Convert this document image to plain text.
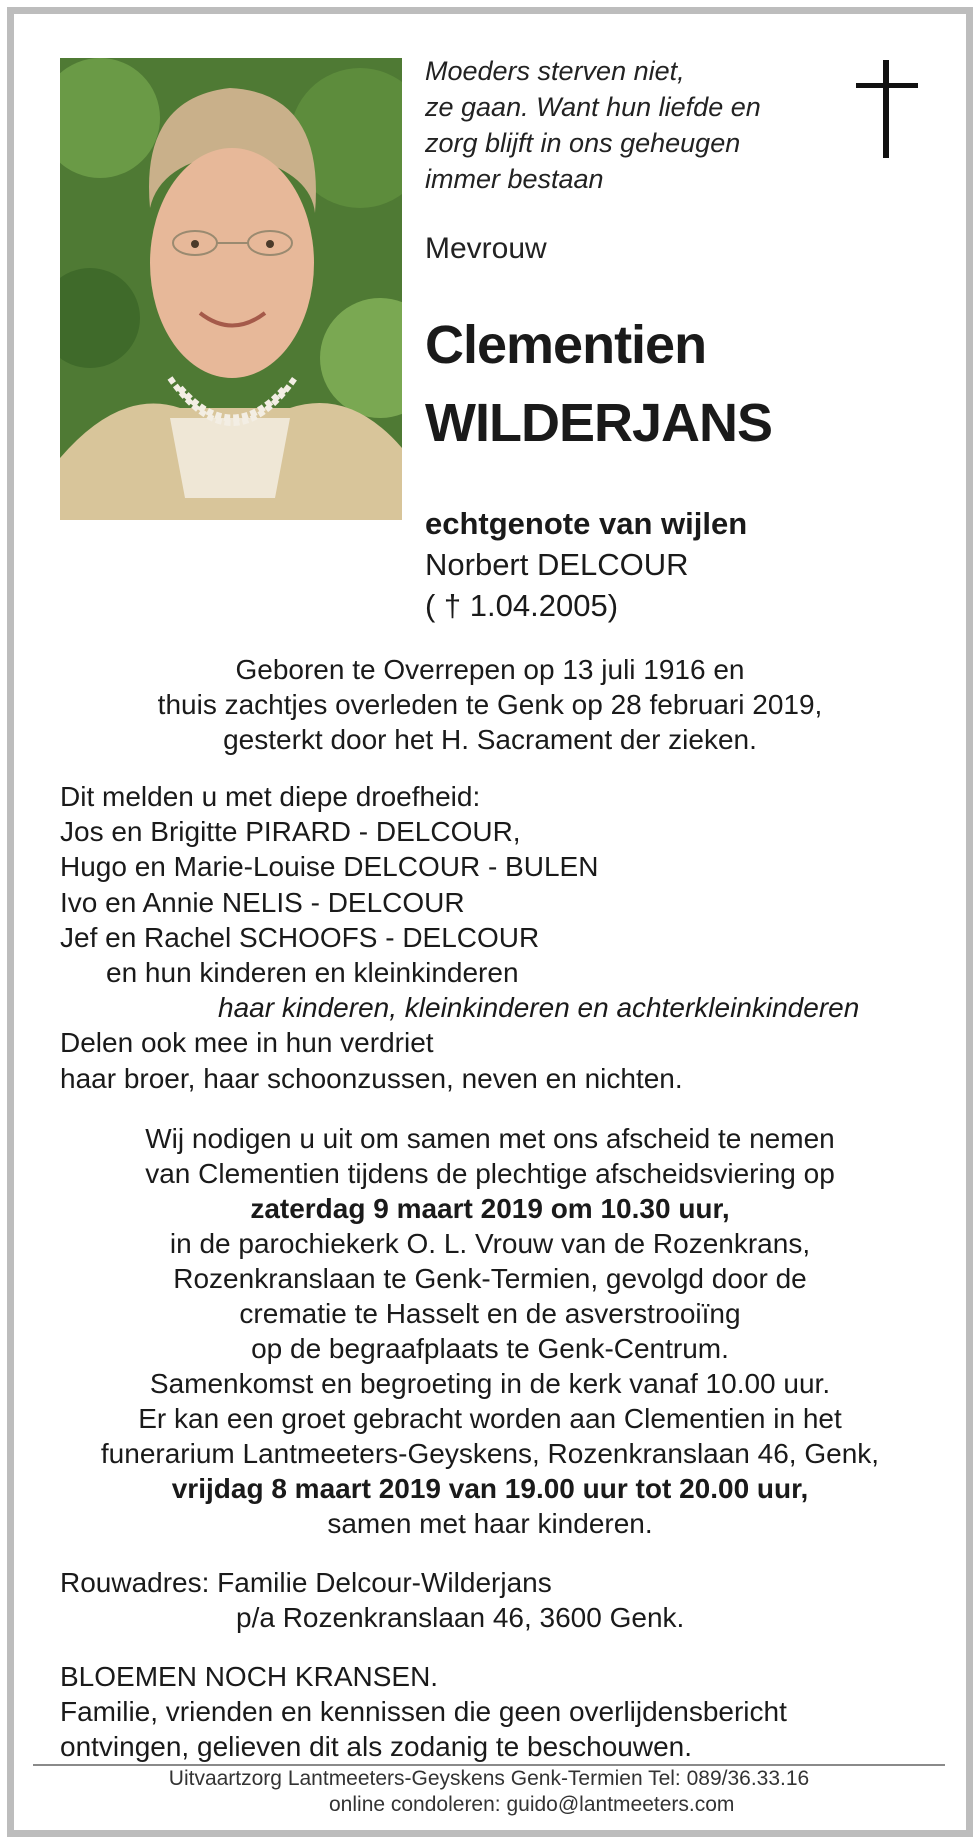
Moeders sterven niet,
ze gaan. Want hun liefde en
zorg blijft in ons geheugen
immer bestaan
Mevrouw
Clementien
WILDERJANS
echtgenote van wijlen
Norbert DELCOUR
( † 1.04.2005)
Geboren te Overrepen op 13 juli 1916 en
thuis zachtjes overleden te Genk op 28 februari 2019,
gesterkt door het H. Sacrament der zieken.
Dit melden u met diepe droefheid:
Jos en Brigitte PIRARD - DELCOUR,
Hugo en Marie-Louise DELCOUR - BULEN
Ivo en Annie NELIS - DELCOUR
Jef en Rachel SCHOOFS - DELCOUR
en hun kinderen en kleinkinderen
haar kinderen, kleinkinderen en achterkleinkinderen
Delen ook mee in hun verdriet
haar broer, haar schoonzussen, neven en nichten.
Wij nodigen u uit om samen met ons afscheid te nemen
van Clementien tijdens de plechtige afscheidsviering op
zaterdag 9 maart 2019 om 10.30 uur,
in de parochiekerk O. L. Vrouw van de Rozenkrans,
Rozenkranslaan te Genk-Termien, gevolgd door de
crematie te Hasselt en de asverstrooiïng
op de begraafplaats te Genk-Centrum.
Samenkomst en begroeting in de kerk vanaf 10.00 uur.
Er kan een groet gebracht worden aan Clementien in het
funerarium Lantmeeters-Geyskens, Rozenkranslaan 46, Genk,
vrijdag 8 maart 2019 van 19.00 uur tot 20.00 uur,
samen met haar kinderen.
Rouwadres: Familie Delcour-Wilderjans
p/a Rozenkranslaan 46, 3600 Genk.
BLOEMEN NOCH KRANSEN.
Familie, vrienden en kennissen die geen overlijdensbericht
ontvingen, gelieven dit als zodanig te beschouwen.
Uitvaartzorg Lantmeeters-Geyskens Genk-Termien Tel: 089/36.33.16
online condoleren: guido@lantmeeters.com
